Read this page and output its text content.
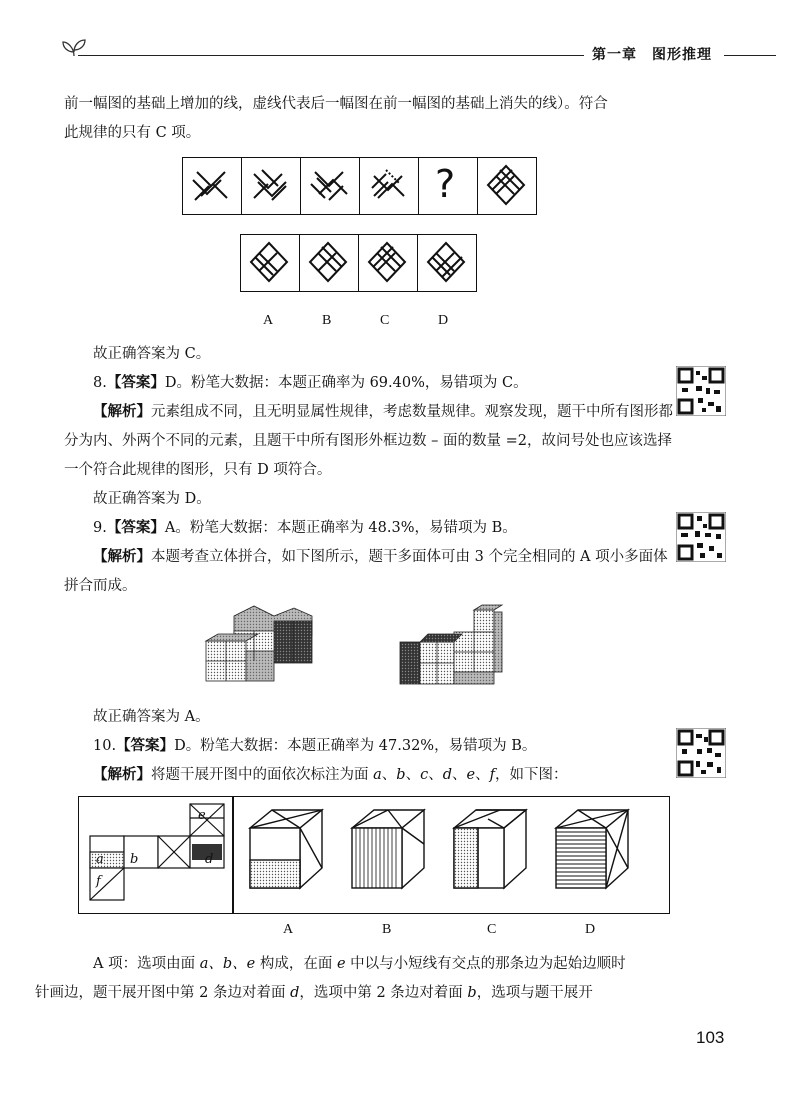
第一章　图形推理
前一幅图的基础上增加的线，虚线代表后一幅图在前一幅图的基础上消失的线）。符合
此规律的只有 C 项。
?
A	B	C	D
故正确答案为 C。
8.【答案】D。粉笔大数据：本题正确率为 69.40%，易错项为 C。
【解析】元素组成不同，且无明显属性规律，考虑数量规律。观察发现，题干中所有图形都分为内、外两个不同的元素，且题干中所有图形外框边数 – 面的数量 =2，故问号处也应该选择一个符合此规律的图形，只有 D 项符合。
故正确答案为 D。
9.【答案】A。粉笔大数据：本题正确率为 48.3%，易错项为 B。
【解析】本题考查立体拼合，如下图所示，题干多面体可由 3 个完全相同的 A 项小多面体拼合而成。
故正确答案为 A。
10.【答案】D。粉笔大数据：本题正确率为 47.32%，易错项为 B。
【解析】将题干展开图中的面依次标注为面 a、b、c、d、e、f，如下图：
e
a b	d
f
A	B	C	D
A 项：选项由面 a、b、e 构成，在面 e 中以与小短线有交点的那条边为起始边顺时
针画边，题干展开图中第 2 条边对着面 d，选项中第 2 条边对着面 b，选项与题干展开
103
